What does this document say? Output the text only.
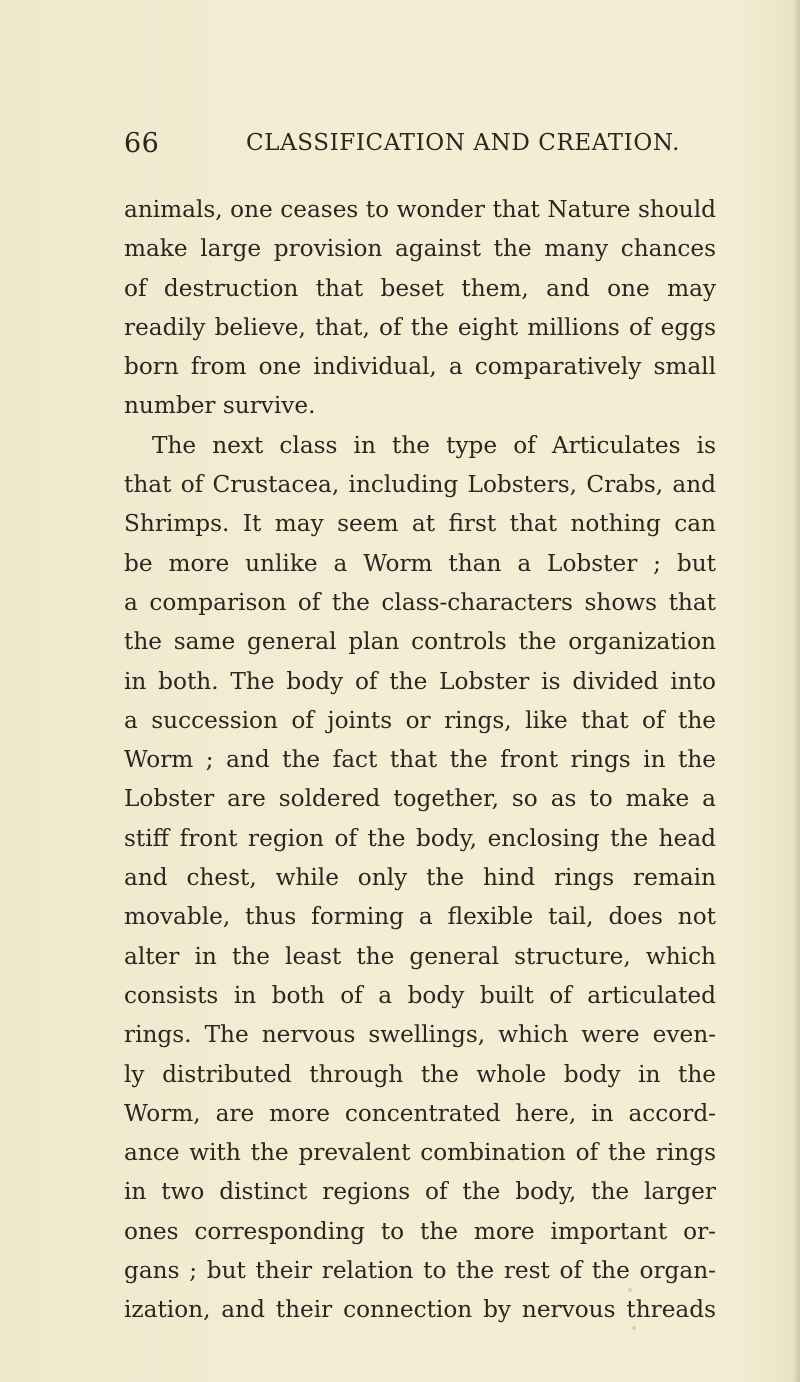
66	CLASSIFICATION AND CREATION.
animals, one ceases to wonder that Nature should
make large provision against the many chances
of destruction that beset them, and one may
readily believe, that, of the eight millions of eggs
born from one individual, a comparatively small
number survive.
The next class in the type of Articulates is
that of Crustacea, including Lobsters, Crabs, and
Shrimps. It may seem at first that nothing can
be more unlike a Worm than a Lobster ; but
a comparison of the class-characters shows that
the same general plan controls the organization
in both. The body of the Lobster is divided into
a succession of joints or rings, like that of the
Worm ; and the fact that the front rings in the
Lobster are soldered together, so as to make a
stiff front region of the body, enclosing the head
and chest, while only the hind rings remain
movable, thus forming a flexible tail, does not
alter in the least the general structure, which
consists in both of a body built of articulated
rings. The nervous swellings, which were even-
ly distributed through the whole body in the
Worm, are more concentrated here, in accord-
ance with the prevalent combination of the rings
in two distinct regions of the body, the larger
ones corresponding to the more important or-
gans ; but their relation to the rest of the organ-
ization, and their connection by nervous threads
